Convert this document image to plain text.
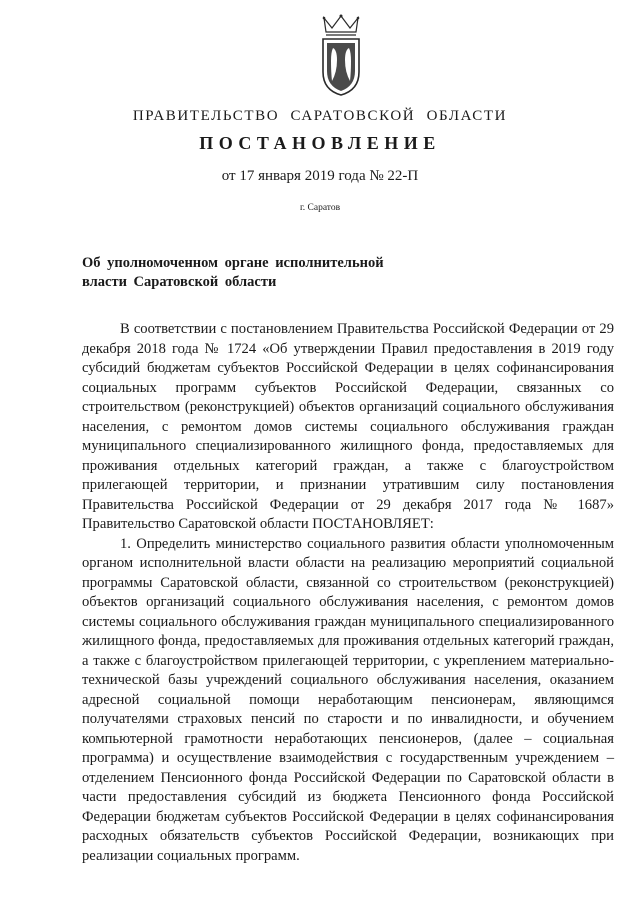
ПРАВИТЕЛЬСТВО САРАТОВСКОЙ ОБЛАСТИ
ПОСТАНОВЛЕНИЕ
от 17 января 2019 года № 22-П
г. Саратов
Об уполномоченном органе исполнительной
власти Саратовской области

В соответствии с постановлением Правительства Российской Федерации от 29 декабря 2018 года № 1724 «Об утверждении Правил предоставления в 2019 году субсидий бюджетам субъектов Российской Федерации в целях софинансирования социальных программ субъектов Российской Федерации, связанных со строительством (реконструкцией) объектов организаций социального обслуживания населения, с ремонтом домов системы социального обслуживания граждан муниципального специализированного жилищного фонда, предоставляемых для проживания отдельных категорий граждан, а также с благоустройством прилегающей территории, и признании утратившим силу постановления Правительства Российской Федерации от 29 декабря 2017 года № 1687» Правительство Саратовской области ПОСТАНОВЛЯЕТ:

1. Определить министерство социального развития области уполномоченным органом исполнительной власти области на реализацию мероприятий социальной программы Саратовской области, связанной со строительством (реконструкцией) объектов организаций социального обслуживания населения, с ремонтом домов системы социального обслуживания граждан муниципального специализированного жилищного фонда, предоставляемых для проживания отдельных категорий граждан, а также с благоустройством прилегающей территории, с укреплением материально-технической базы учреждений социального обслуживания населения, оказанием адресной социальной помощи неработающим пенсионерам, являющимся получателями страховых пенсий по старости и по инвалидности, и обучением компьютерной грамотности неработающих пенсионеров, (далее – социальная программа) и осуществление взаимодействия с государственным учреждением – отделением Пенсионного фонда Российской Федерации по Саратовской области в части предоставления субсидий из бюджета Пенсионного фонда Российской Федерации бюджетам субъектов Российской Федерации в целях софинансирования расходных обязательств субъектов Российской Федерации, возникающих при реализации социальных программ.
